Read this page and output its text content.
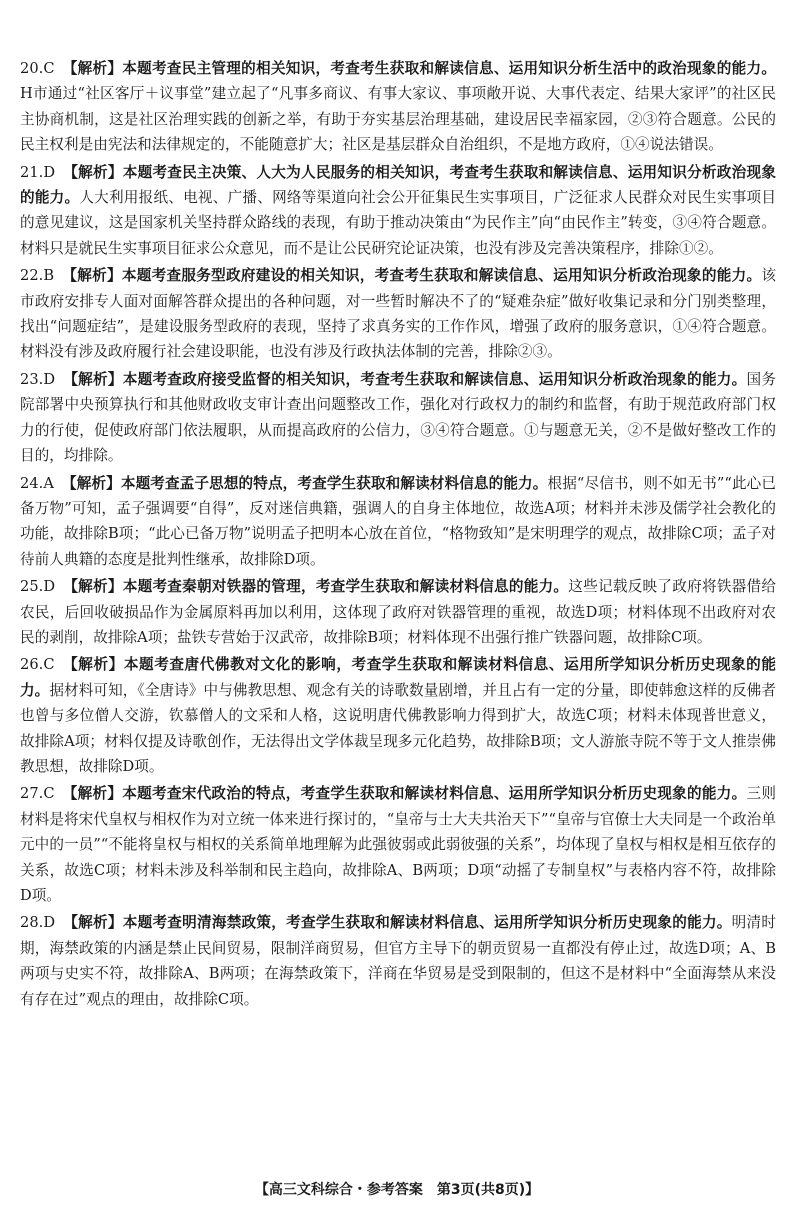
20.C 【解析】本题考查民主管理的相关知识，考查考生获取和解读信息、运用知识分析生活中的政治现象的能力。H市通过“社区客厅＋议事堂”建立起了“凡事多商议、有事大家议、事项敞开说、大事代表定、结果大家评”的社区民主协商机制，这是社区治理实践的创新之举，有助于夯实基层治理基础，建设居民幸福家园，②③符合题意。公民的民主权利是由宪法和法律规定的，不能随意扩大；社区是基层群众自治组织，不是地方政府，①④说法错误。

21.D 【解析】本题考查民主决策、人大为人民服务的相关知识，考查考生获取和解读信息、运用知识分析政治现象的能力。人大利用报纸、电视、广播、网络等渠道向社会公开征集民生实事项目，广泛征求人民群众对民生实事项目的意见建议，这是国家机关坚持群众路线的表现，有助于推动决策由“为民作主”向“由民作主”转变，③④符合题意。材料只是就民生实事项目征求公众意见，而不是让公民研究论证决策，也没有涉及完善决策程序，排除①②。

22.B 【解析】本题考查服务型政府建设的相关知识，考查考生获取和解读信息、运用知识分析政治现象的能力。该市政府安排专人面对面解答群众提出的各种问题，对一些暂时解决不了的“疑难杂症”做好收集记录和分门别类整理，找出“问题症结”，是建设服务型政府的表现，坚持了求真务实的工作作风，增强了政府的服务意识，①④符合题意。材料没有涉及政府履行社会建设职能，也没有涉及行政执法体制的完善，排除②③。

23.D 【解析】本题考查政府接受监督的相关知识，考查考生获取和解读信息、运用知识分析政治现象的能力。国务院部署中央预算执行和其他财政收支审计查出问题整改工作，强化对行政权力的制约和监督，有助于规范政府部门权力的行使，促使政府部门依法履职，从而提高政府的公信力，③④符合题意。①与题意无关，②不是做好整改工作的目的，均排除。

24.A 【解析】本题考查孟子思想的特点，考查学生获取和解读材料信息的能力。根据“尽信书，则不如无书”“此心已备万物”可知，孟子强调要“自得”，反对迷信典籍，强调人的自身主体地位，故选A项；材料并未涉及儒学社会教化的功能，故排除B项；“此心已备万物”说明孟子把明本心放在首位，“格物致知”是宋明理学的观点，故排除C项；孟子对待前人典籍的态度是批判性继承，故排除D项。

25.D 【解析】本题考查秦朝对铁器的管理，考查学生获取和解读材料信息的能力。这些记载反映了政府将铁器借给农民，后回收破损品作为金属原料再加以利用，这体现了政府对铁器管理的重视，故选D项；材料体现不出政府对农民的剥削，故排除A项；盐铁专营始于汉武帝，故排除B项；材料体现不出强行推广铁器问题，故排除C项。

26.C 【解析】本题考查唐代佛教对文化的影响，考查学生获取和解读材料信息、运用所学知识分析历史现象的能力。据材料可知，《全唐诗》中与佛教思想、观念有关的诗歌数量剧增，并且占有一定的分量，即使韩愈这样的反佛者也曾与多位僧人交游，钦慕僧人的文采和人格，这说明唐代佛教影响力得到扩大，故选C项；材料未体现普世意义，故排除A项；材料仅提及诗歌创作，无法得出文学体裁呈现多元化趋势，故排除B项；文人游旅寺院不等于文人推崇佛教思想，故排除D项。

27.C 【解析】本题考查宋代政治的特点，考查学生获取和解读材料信息、运用所学知识分析历史现象的能力。三则材料是将宋代皇权与相权作为对立统一体来进行探讨的，“皇帝与士大夫共治天下”“皇帝与官僚士大夫同是一个政治单元中的一员”“不能将皇权与相权的关系简单地理解为此强彼弱或此弱彼强的关系”，均体现了皇权与相权是相互依存的关系，故选C项；材料未涉及科举制和民主趋向，故排除A、B两项；D项“动摇了专制皇权”与表格内容不符，故排除D项。

28.D 【解析】本题考查明清海禁政策，考查学生获取和解读材料信息、运用所学知识分析历史现象的能力。明清时期，海禁政策的内涵是禁止民间贸易，限制洋商贸易，但官方主导下的朝贡贸易一直都没有停止过，故选D项；A、B两项与史实不符，故排除A、B两项；在海禁政策下，洋商在华贸易是受到限制的，但这不是材料中“全面海禁从来没有存在过”观点的理由，故排除C项。

【高三文科综合・参考答案　第3页(共8页)】
